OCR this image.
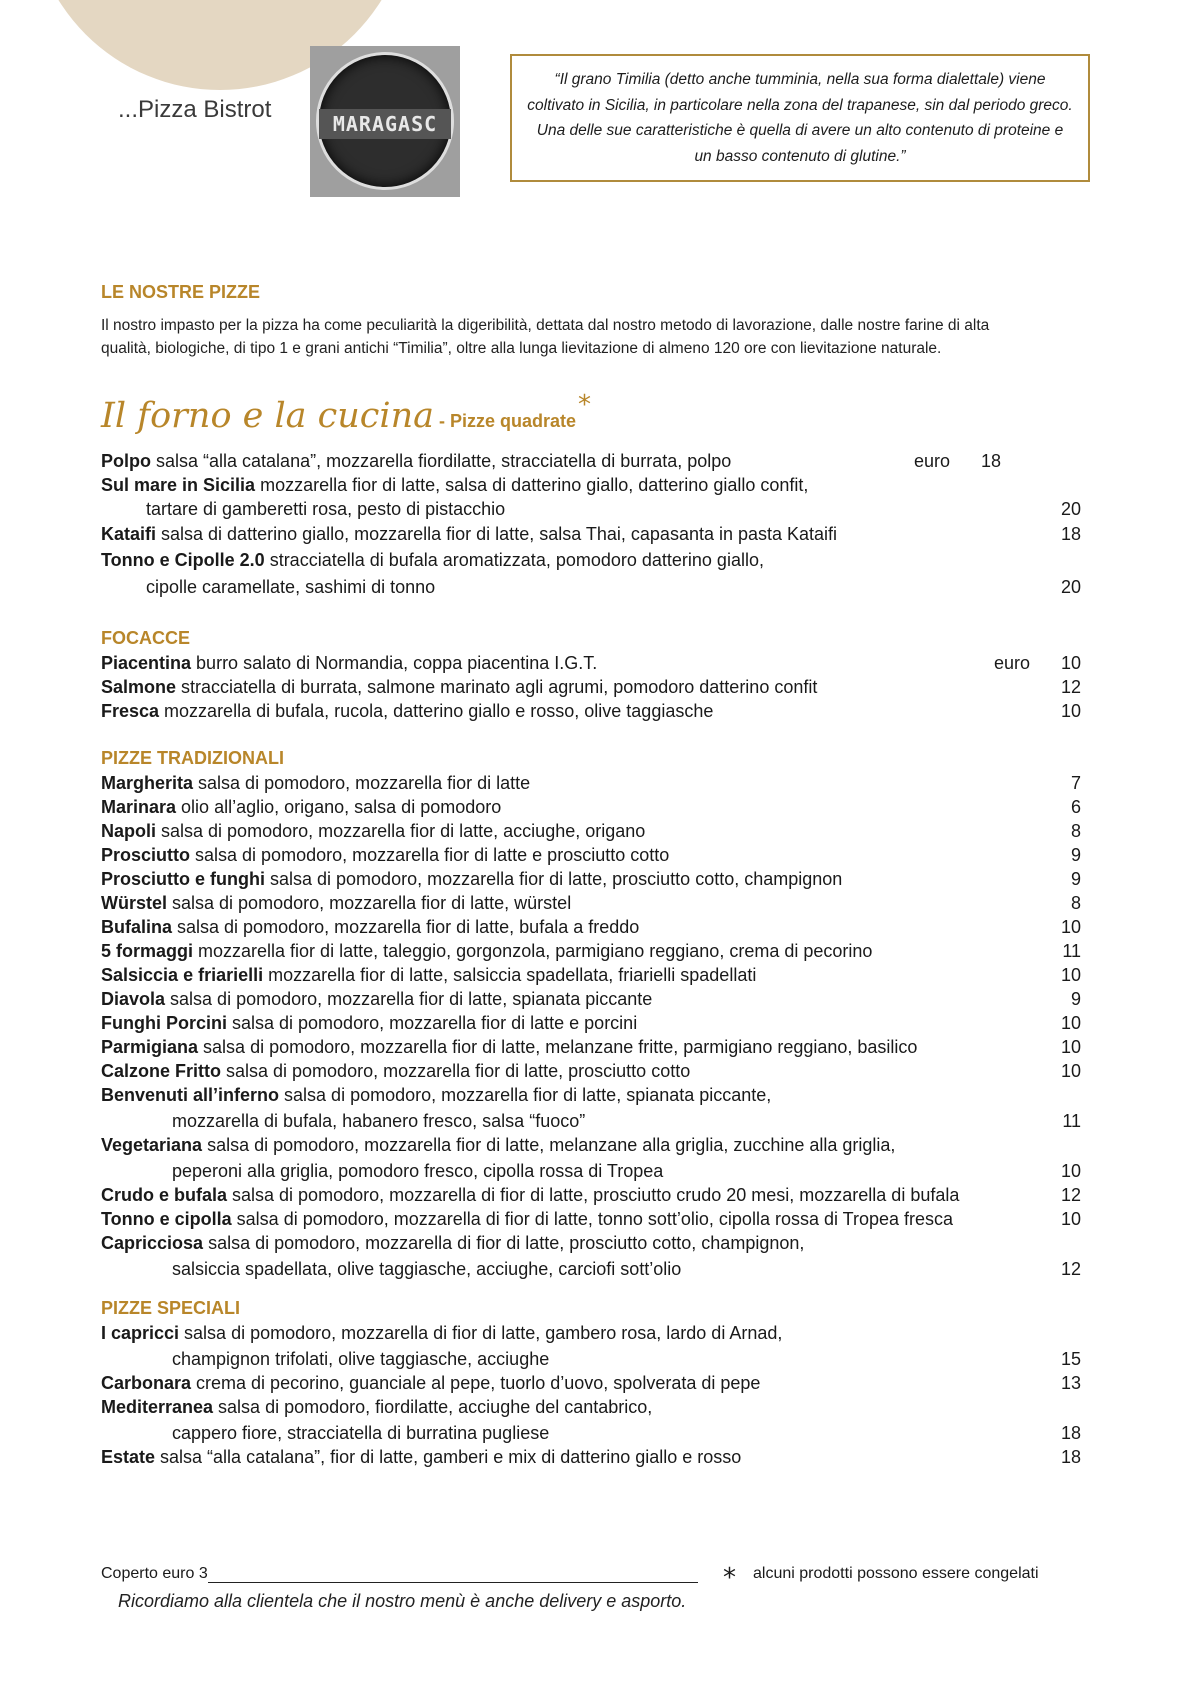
...Pizza Bistrot
MARAGASC
“Il grano Timilia (detto anche tumminia, nella sua forma dialettale) viene coltivato in Sicilia, in particolare nella zona del trapanese, sin dal periodo greco. Una delle sue caratteristiche è quella di avere un alto contenuto di proteine e un basso contenuto di glutine.”
LE NOSTRE PIZZE
Il nostro impasto per la pizza ha come peculiarità la digeribilità, dettata dal nostro metodo di lavorazione, dalle nostre farine di alta qualità, biologiche, di tipo 1 e grani antichi “Timilia”, oltre alla lunga lievitazione di almeno 120 ore con lievitazione naturale.
Il forno e la cucina - Pizze quadrate*
Polpo salsa “alla catalana”, mozzarella fiordilatte, stracciatella di burrata, polpo	euro 18
Sul mare in Sicilia mozzarella fior di latte, salsa di datterino giallo, datterino giallo confit,
tartare di gamberetti rosa, pesto di pistacchio	20
Kataifi salsa di datterino giallo, mozzarella fior di latte, salsa Thai, capasanta in pasta Kataifi	18
Tonno e Cipolle 2.0 stracciatella di bufala aromatizzata, pomodoro datterino giallo,
cipolle caramellate, sashimi di tonno	20
FOCACCE
Piacentina burro salato di Normandia, coppa piacentina I.G.T.	euro 10
Salmone stracciatella di burrata, salmone marinato agli agrumi, pomodoro datterino confit	12
Fresca mozzarella di bufala, rucola, datterino giallo e rosso, olive taggiasche	10
PIZZE TRADIZIONALI
Margherita salsa di pomodoro, mozzarella fior di latte	7
Marinara olio all’aglio, origano, salsa di pomodoro	6
Napoli salsa di pomodoro, mozzarella fior di latte, acciughe, origano	8
Prosciutto salsa di pomodoro, mozzarella fior di latte e prosciutto cotto	9
Prosciutto e funghi salsa di pomodoro, mozzarella fior di latte, prosciutto cotto, champignon	9
Würstel salsa di pomodoro, mozzarella fior di latte, würstel	8
Bufalina salsa di pomodoro, mozzarella fior di latte, bufala a freddo	10
5 formaggi mozzarella fior di latte, taleggio, gorgonzola, parmigiano reggiano, crema di pecorino	11
Salsiccia e friarielli mozzarella fior di latte, salsiccia spadellata, friarielli spadellati	10
Diavola salsa di pomodoro, mozzarella fior di latte, spianata piccante	9
Funghi Porcini salsa di pomodoro, mozzarella fior di latte e porcini	10
Parmigiana salsa di pomodoro, mozzarella fior di latte, melanzane fritte, parmigiano reggiano, basilico	10
Calzone Fritto salsa di pomodoro, mozzarella fior di latte, prosciutto cotto	10
Benvenuti all’inferno salsa di pomodoro, mozzarella fior di latte, spianata piccante,
mozzarella di bufala, habanero fresco, salsa “fuoco”	11
Vegetariana salsa di pomodoro, mozzarella fior di latte, melanzane alla griglia, zucchine alla griglia,
peperoni alla griglia, pomodoro fresco, cipolla rossa di Tropea	10
Crudo e bufala salsa di pomodoro, mozzarella di fior di latte, prosciutto crudo 20 mesi, mozzarella di bufala	12
Tonno e cipolla salsa di pomodoro, mozzarella di fior di latte, tonno sott’olio, cipolla rossa di Tropea fresca	10
Capricciosa salsa di pomodoro, mozzarella di fior di latte, prosciutto cotto, champignon,
salsiccia spadellata, olive taggiasche, acciughe, carciofi sott’olio	12
PIZZE SPECIALI
I capricci salsa di pomodoro, mozzarella di fior di latte, gambero rosa, lardo di Arnad,
champignon trifolati, olive taggiasche, acciughe	15
Carbonara crema di pecorino, guanciale al pepe, tuorlo d’uovo, spolverata di pepe	13
Mediterranea salsa di pomodoro, fiordilatte, acciughe del cantabrico,
cappero fiore, stracciatella di burratina pugliese	18
Estate salsa “alla catalana”, fior di latte, gamberi e mix di datterino giallo e rosso	18
Coperto euro 3	* alcuni prodotti possono essere congelati
Ricordiamo alla clientela che il nostro menù è anche delivery e asporto.
